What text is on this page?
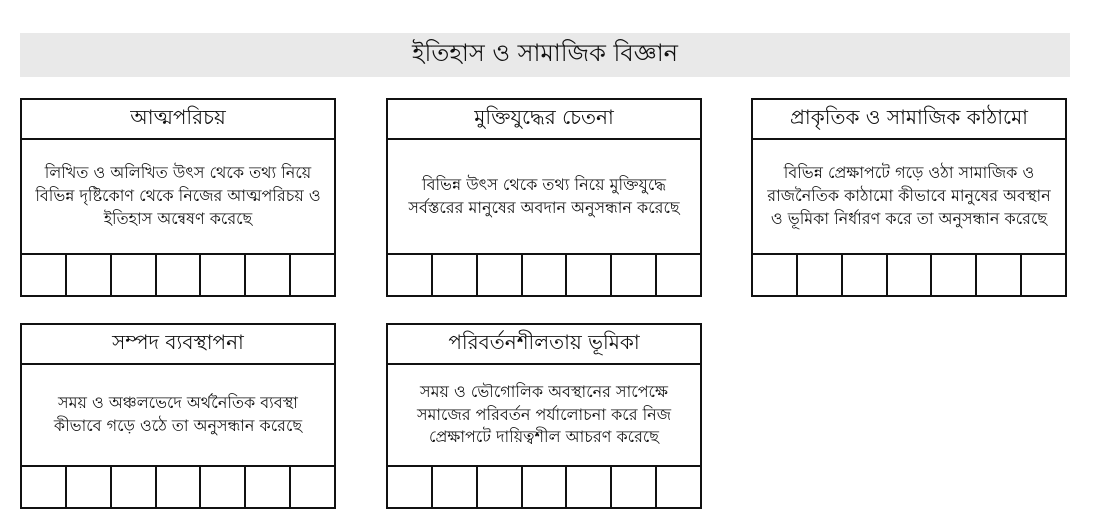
ইতিহাস ও সামাজিক বিজ্ঞান
আত্মপরিচয়
লিখিত ও অলিখিত উৎস থেকে তথ্য নিয়ে বিভিন্ন দৃষ্টিকোণ থেকে নিজের আত্মপরিচয় ও ইতিহাস অন্বেষণ করেছে
মুক্তিযুদ্ধের চেতনা
বিভিন্ন উৎস থেকে তথ্য নিয়ে মুক্তিযুদ্ধে সর্বস্তরের মানুষের অবদান অনুসন্ধান করেছে
প্রাকৃতিক ও সামাজিক কাঠামো
বিভিন্ন প্রেক্ষাপটে গড়ে ওঠা সামাজিক ও রাজনৈতিক কাঠামো কীভাবে মানুষের অবস্থান ও ভূমিকা নির্ধারণ করে তা অনুসন্ধান করেছে
সম্পদ ব্যবস্থাপনা
সময় ও অঞ্চলভেদে অর্থনৈতিক ব্যবস্থা কীভাবে গড়ে ওঠে তা অনুসন্ধান করেছে
পরিবর্তনশীলতায় ভূমিকা
সময় ও ভৌগোলিক অবস্থানের সাপেক্ষে সমাজের পরিবর্তন পর্যালোচনা করে নিজ প্রেক্ষাপটে দায়িত্বশীল আচরণ করেছে
